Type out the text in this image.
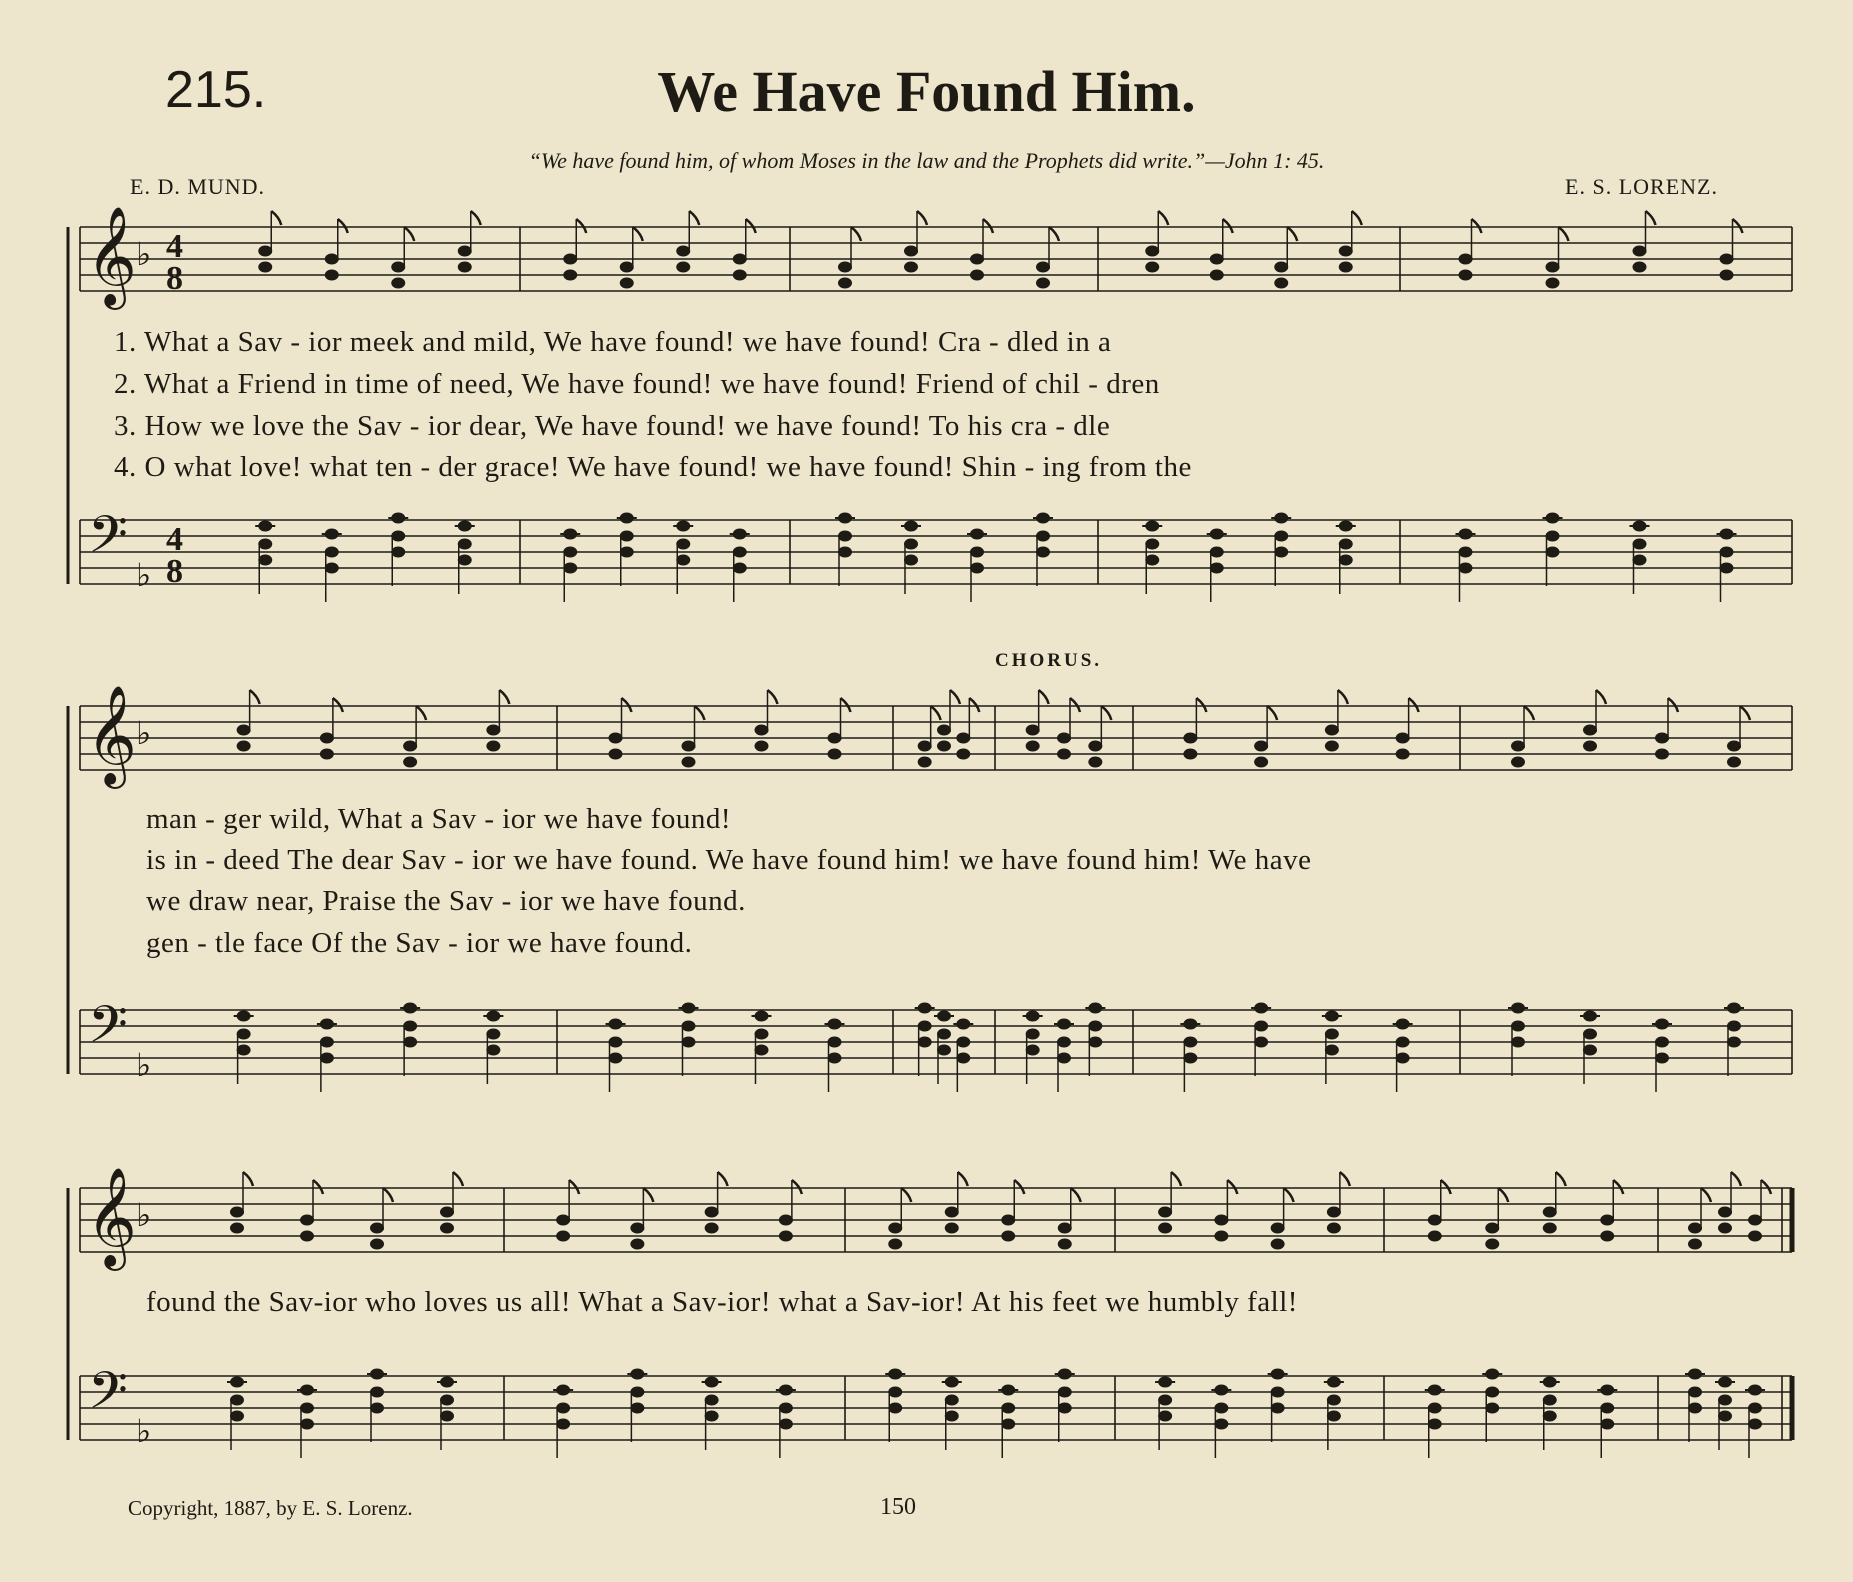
215.	We Have Found Him.
“We have found him, of whom Moses in the law and the Prophets did write.”—John 1: 45.
E. D. MUND.	E. S. LORENZ.
CHORUS.
𝄞
𝄢
♭
♭
4
8
4
8
𝄞
𝄢
♭
♭
𝄞
𝄢
♭
♭
1. What a Sav - ior meek and mild, We have found! we have found! Cra - dled in a
2. What a Friend in time of need, We have found! we have found! Friend of chil - dren
3. How we love the Sav - ior dear, We have found! we have found! To his cra - dle
4. O what love! what ten - der grace! We have found! we have found! Shin - ing from the
man - ger wild, What a Sav - ior we have found!
is in - deed The dear Sav - ior we have found. We have found him! we have found him! We have
we draw near, Praise the Sav - ior we have found.
gen - tle face Of the Sav - ior we have found.
found the Sav-ior who loves us all! What a Sav-ior! what a Sav-ior! At his feet we humbly fall!
Copyright, 1887, by E. S. Lorenz.	150
